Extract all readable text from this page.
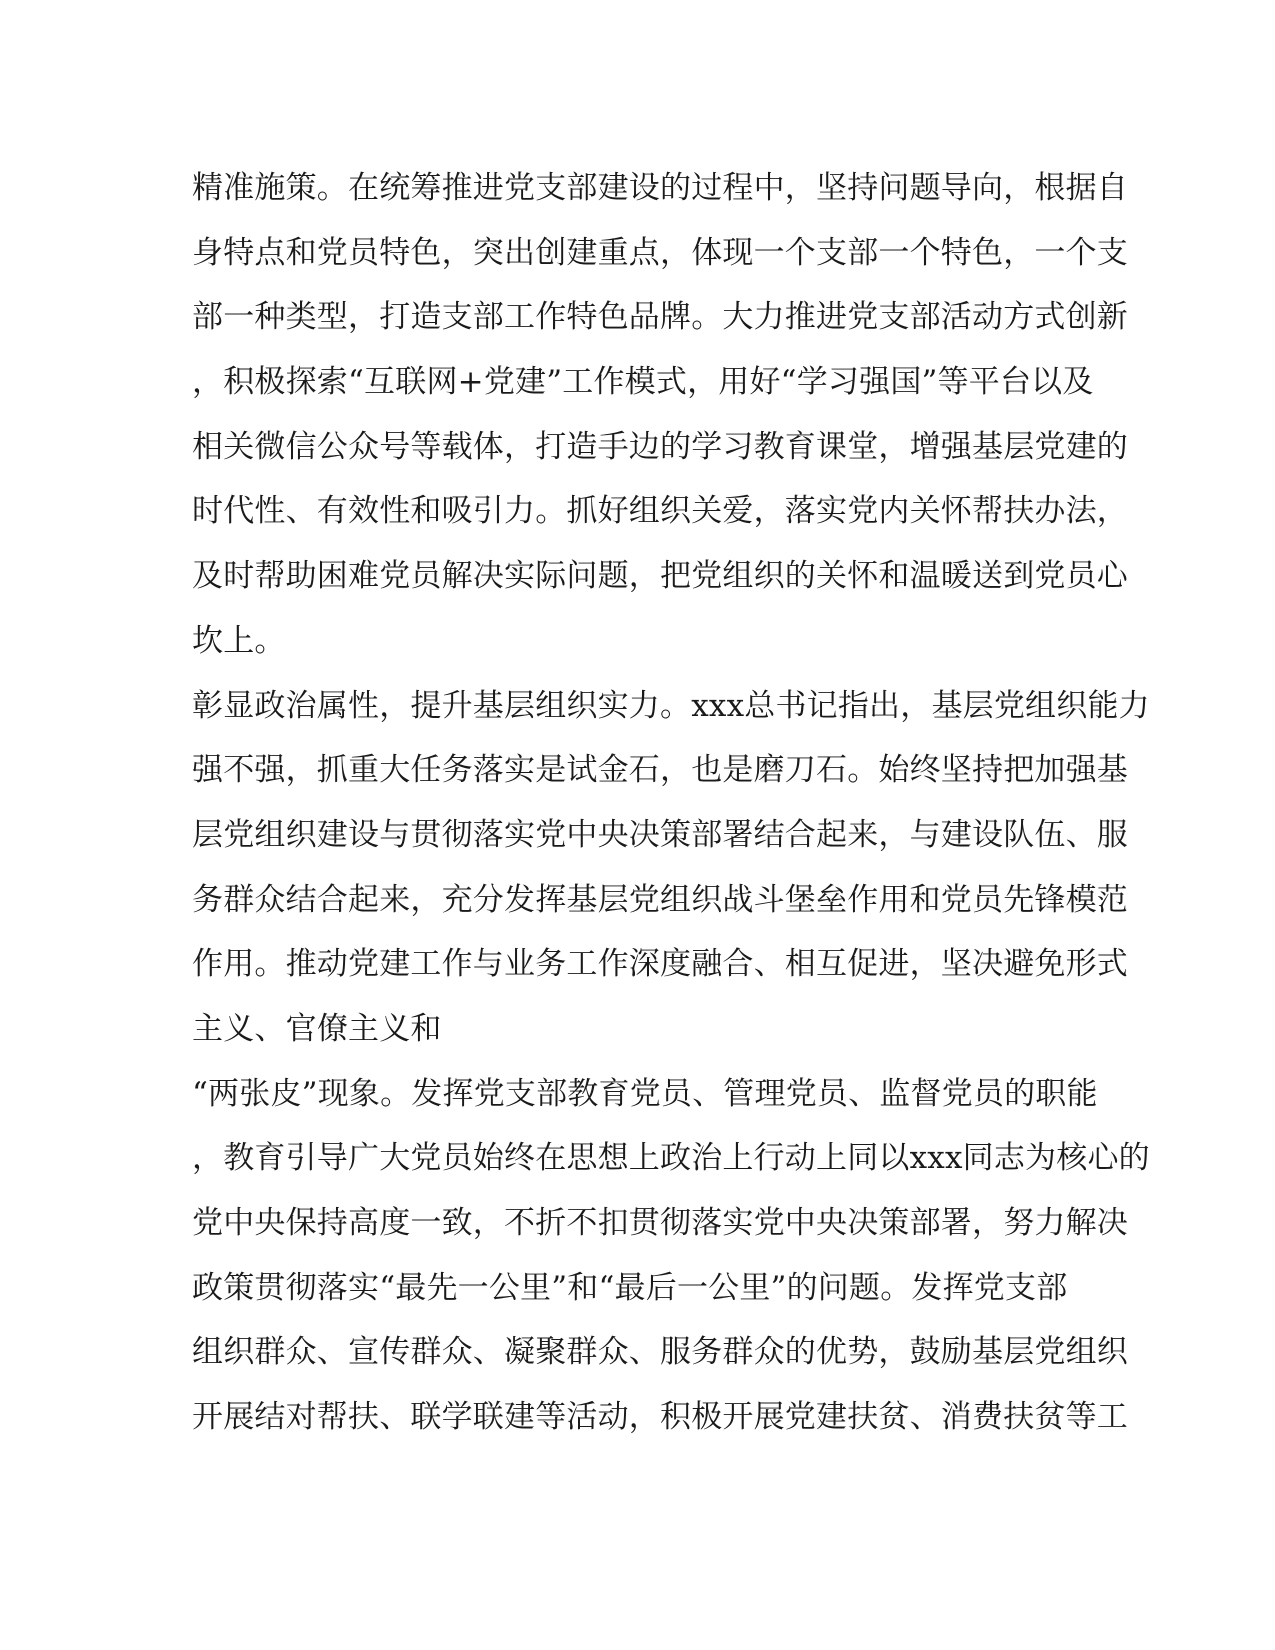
精准施策。在统筹推进党支部建设的过程中，坚持问题导向，根据自
身特点和党员特色，突出创建重点，体现一个支部一个特色，一个支
部一种类型，打造支部工作特色品牌。大力推进党支部活动方式创新
，积极探索“互联网+党建”工作模式，用好“学习强国”等平台以及
相关微信公众号等载体，打造手边的学习教育课堂，增强基层党建的
时代性、有效性和吸引力。抓好组织关爱，落实党内关怀帮扶办法，
及时帮助困难党员解决实际问题，把党组织的关怀和温暖送到党员心
坎上。
彰显政治属性，提升基层组织实力。xxx总书记指出，基层党组织能力
强不强，抓重大任务落实是试金石，也是磨刀石。始终坚持把加强基
层党组织建设与贯彻落实党中央决策部署结合起来，与建设队伍、服
务群众结合起来，充分发挥基层党组织战斗堡垒作用和党员先锋模范
作用。推动党建工作与业务工作深度融合、相互促进，坚决避免形式
主义、官僚主义和
“两张皮”现象。发挥党支部教育党员、管理党员、监督党员的职能
，教育引导广大党员始终在思想上政治上行动上同以xxx同志为核心的
党中央保持高度一致，不折不扣贯彻落实党中央决策部署，努力解决
政策贯彻落实“最先一公里”和“最后一公里”的问题。发挥党支部
组织群众、宣传群众、凝聚群众、服务群众的优势，鼓励基层党组织
开展结对帮扶、联学联建等活动，积极开展党建扶贫、消费扶贫等工
